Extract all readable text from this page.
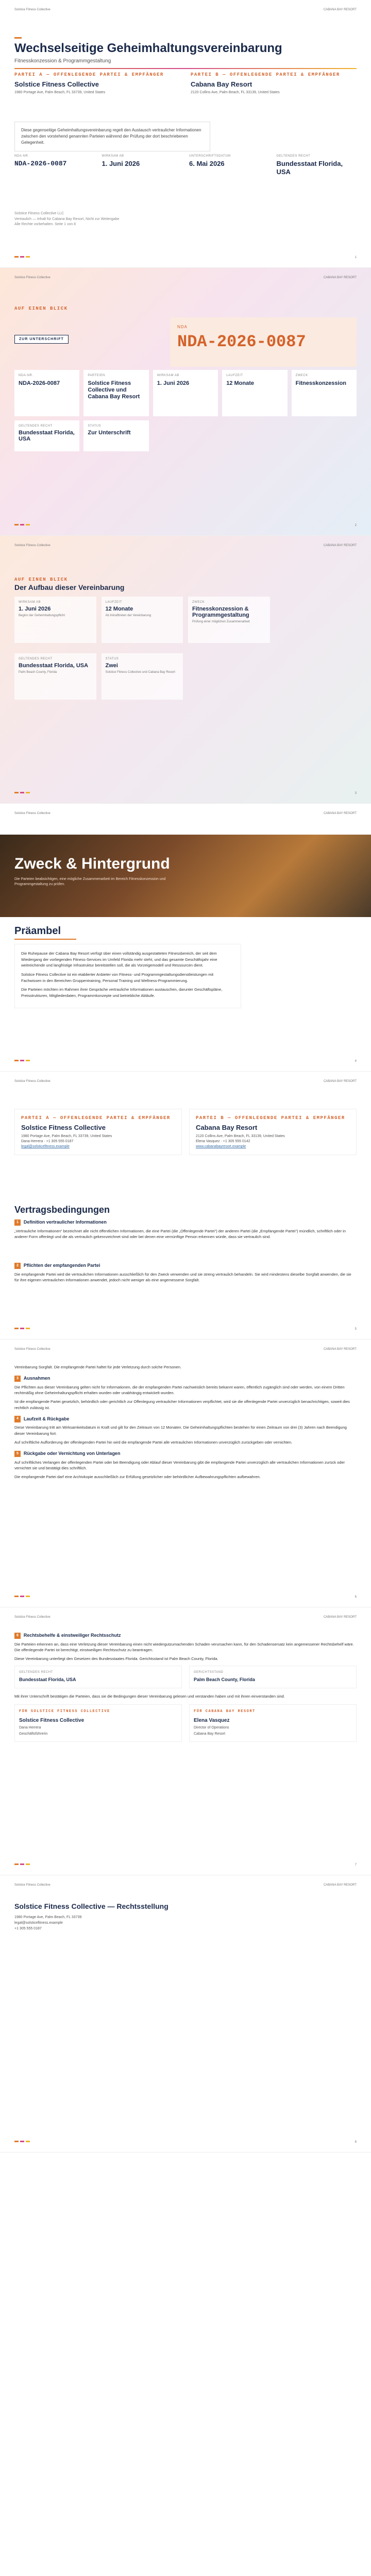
Solstice Fitness Collective	CABANA BAY RESORT
Wechselseitige Geheimhaltungsvereinbarung
Fitnesskonzession & Programmgestaltung
PARTEI A — OFFENLEGENDE PARTEI & EMPFÄNGER
Solstice Fitness Collective
1980 Portage Ave, Palm Beach, FL 33739, United States
PARTEI B — OFFENLEGENDE PARTEI & EMPFÄNGER
Cabana Bay Resort
2120 Collins Ave, Palm Beach, FL 33139, United States
Diese gegenseitige Geheimhaltungsvereinbarung regelt den Austausch vertraulicher Informationen zwischen den vorstehend genannten Parteien während der Prüfung der dort beschriebenen Gelegenheit.
NDA-NR.
NDA-2026-0087
WIRKSAM AB
1. Juni 2026
UNTERSCHRIFTSDATUM
6. Mai 2026
GELTENDES RECHT
Bundesstaat Florida, USA
Solstice Fitness Collective LLC
Vertraulich — Inhalt für Cabana Bay Resort, Nicht zur Weitergabe
Alle Rechte vorbehalten. Seite 1 von 8
1
Solstice Fitness Collective	CABANA BAY RESORT
AUF EINEN BLICK
NDA
NDA-2026-0087
ZUR UNTERSCHRIFT
NDA-NR.
NDA-2026-0087
PARTEIEN
Solstice Fitness Collective und Cabana Bay Resort
WIRKSAM AB
1. Juni 2026
LAUFZEIT
12 Monate
ZWECK
Fitnesskonzession
GELTENDES RECHT
Bundesstaat Florida, USA
STATUS
Zur Unterschrift
2
Solstice Fitness Collective	CABANA BAY RESORT
AUF EINEN BLICK
Der Aufbau dieser Vereinbarung
WIRKSAM AB
1. Juni 2026
Beginn der Geheimhaltungspflicht
LAUFZEIT
12 Monate
Ab Inkrafttreten der Vereinbarung
ZWECK
Fitnesskonzession & Programmgestaltung
Prüfung einer möglichen Zusammenarbeit
GELTENDES RECHT
Bundesstaat Florida, USA
Palm Beach County, Florida
STATUS
Zwei
Solstice Fitness Collective und Cabana Bay Resort
3
Solstice Fitness Collective	CABANA BAY RESORT
Zweck & Hintergrund
Die Parteien beabsichtigen, eine mögliche Zusammenarbeit im Bereich Fitnesskonzession und Programmgestaltung zu prüfen.
Präambel

Die Ruhepause der Cabana Bay Resort verfügt über einen vollständig ausgestatteten Fitnessbereich, der seit dem Wiedergang der vorliegenden Fitness-Services im Umfeld Florida mehr steht, und das gesamte Geschäftsjahr eine weitreichende und langfristige Infrastruktur bereitstellen soll, die als Vorzeigemodell und Ressourcen dient.

Solstice Fitness Collective ist ein etablierter Anbieter von Fitness- und Programmgestaltungsdienstleistungen mit Fachwissen in den Bereichen Gruppentraining, Personal Training und Wellness-Programmierung.

Die Parteien möchten im Rahmen ihrer Gespräche vertrauliche Informationen austauschen, darunter Geschäftspläne, Preisstrukturen, Mitgliederdaten, Programmkonzepte und betriebliche Abläufe.

4
Solstice Fitness Collective	CABANA BAY RESORT
PARTEI A — OFFENLEGENDE PARTEI & EMPFÄNGER
Solstice Fitness Collective
1980 Portage Ave, Palm Beach, FL 33739, United States
Dana Herrera · +1 305 555 0187
legal@solsticefitness.example
PARTEI B — OFFENLEGENDE PARTEI & EMPFÄNGER
Cabana Bay Resort
2120 Collins Ave, Palm Beach, FL 33139, United States
Elena Vasquez · +1 305 555 0142
www.cabanabayresort.example
Vertragsbedingungen
1	Definition vertraulicher Informationen

„Vertrauliche Informationen“ bezeichnet alle nicht öffentlichen Informationen, die eine Partei (die „Offenlegende Partei“) der anderen Partei (die „Empfangende Partei“) mündlich, schriftlich oder in anderer Form offenlegt und die als vertraulich gekennzeichnet sind oder bei denen eine vernünftige Person erkennen würde, dass sie vertraulich sind.

2	Pflichten der empfangenden Partei

Die empfangende Partei wird die vertraulichen Informationen ausschließlich für den Zweck verwenden und sie streng vertraulich behandeln. Sie wird mindestens dieselbe Sorgfalt anwenden, die sie für ihre eigenen vertraulichen Informationen anwendet, jedoch nicht weniger als eine angemessene Sorgfalt.

5
Solstice Fitness Collective	CABANA BAY RESORT

Vereinbarung Sorgfalt. Die empfangende Partei haftet für jede Verletzung durch solche Personen.

3	Ausnahmen

Die Pflichten aus dieser Vereinbarung gelten nicht für Informationen, die der empfangenden Partei nachweislich bereits bekannt waren, öffentlich zugänglich sind oder werden, von einem Dritten rechtmäßig ohne Geheimhaltungspflicht erhalten wurden oder unabhängig entwickelt wurden.

Ist die empfangende Partei gesetzlich, behördlich oder gerichtlich zur Offenlegung vertraulicher Informationen verpflichtet, wird sie die offenlegende Partei unverzüglich benachrichtigen, soweit dies rechtlich zulässig ist.

4	Laufzeit & Rückgabe

Diese Vereinbarung tritt am Wirksamkeitsdatum in Kraft und gilt für den Zeitraum von 12 Monaten. Die Geheimhaltungspflichten bestehen für einen Zeitraum von drei (3) Jahren nach Beendigung dieser Vereinbarung fort.

Auf schriftliche Aufforderung der offenlegenden Partei hin wird die empfangende Partei alle vertraulichen Informationen unverzüglich zurückgeben oder vernichten.

5	Rückgabe oder Vernichtung von Unterlagen

Auf schriftliches Verlangen der offenlegenden Partei oder bei Beendigung oder Ablauf dieser Vereinbarung gibt die empfangende Partei unverzüglich alle vertraulichen Informationen zurück oder vernichtet sie und bestätigt dies schriftlich.

Die empfangende Partei darf eine Archivkopie ausschließlich zur Erfüllung gesetzlicher oder behördlicher Aufbewahrungspflichten aufbewahren.

6
Solstice Fitness Collective	CABANA BAY RESORT
6	Rechtsbehelfe & einstweiliger Rechtsschutz

Die Parteien erkennen an, dass eine Verletzung dieser Vereinbarung einen nicht wiedergutzumachenden Schaden verursachen kann, für den Schadensersatz kein angemessener Rechtsbehelf wäre. Die offenlegende Partei ist berechtigt, einstweiligen Rechtsschutz zu beantragen.

Diese Vereinbarung unterliegt den Gesetzen des Bundesstaates Florida. Gerichtsstand ist Palm Beach County, Florida.

GELTENDES RECHT
Bundesstaat Florida, USA
GERICHTSSTAND
Palm Beach County, Florida

Mit ihrer Unterschrift bestätigen die Parteien, dass sie die Bedingungen dieser Vereinbarung gelesen und verstanden haben und mit ihnen einverstanden sind.

FÜR SOLSTICE FITNESS COLLECTIVE
Solstice Fitness Collective
Dana Herrera
Geschäftsführerin
FÜR CABANA BAY RESORT
Elena Vasquez
Director of Operations
Cabana Bay Resort
7
Solstice Fitness Collective	CABANA BAY RESORT
Solstice Fitness Collective — Rechtsstellung
1980 Portage Ave, Palm Beach, FL 33739
legal@solsticefitness.example
+1 305 555 0187
8
